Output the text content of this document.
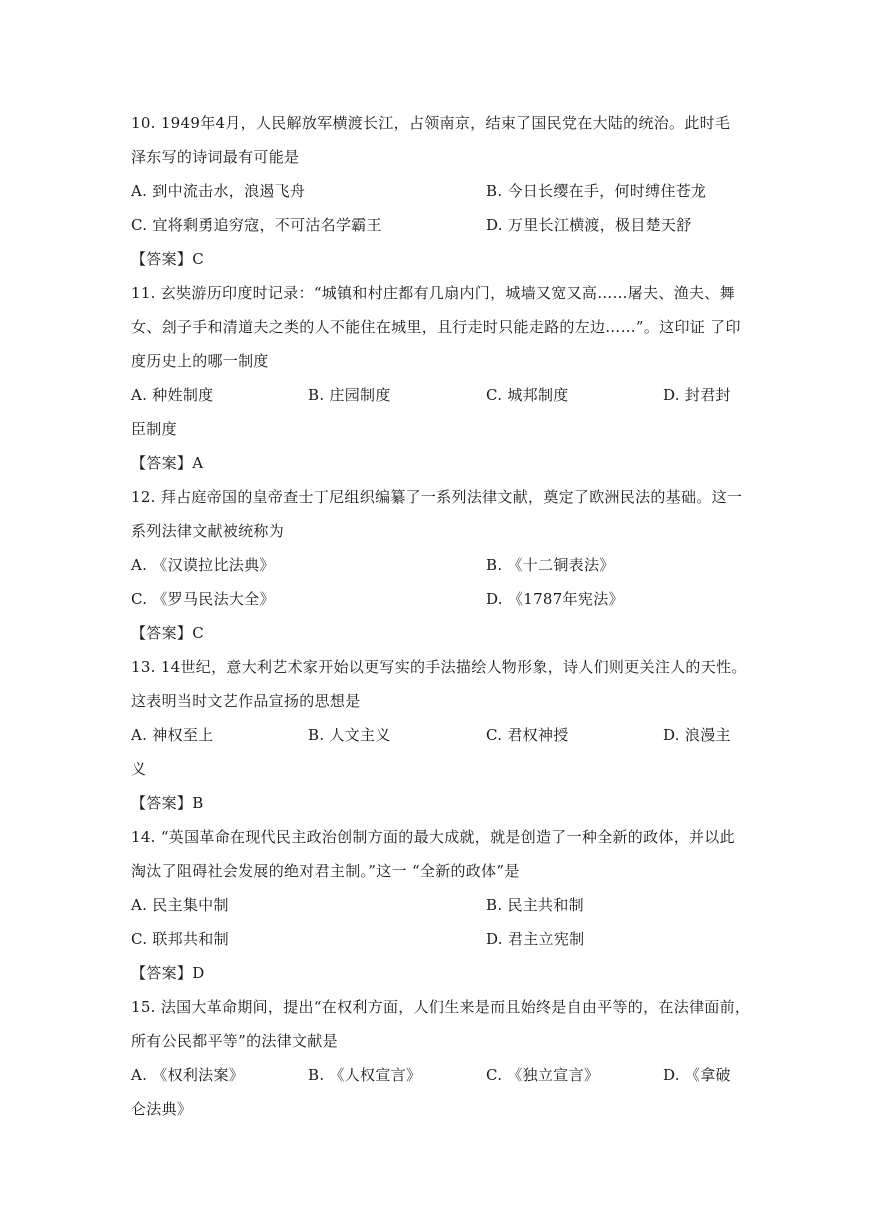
10. 1949年4月，人民解放军横渡长江，占领南京，结束了国民党在大陆的统治。此时毛
泽东写的诗词最有可能是
A. 到中流击水，浪遏飞舟	B. 今日长缨在手，何时缚住苍龙
C. 宜将剩勇追穷寇，不可沽名学霸王	D. 万里长江横渡，极目楚天舒
【答案】C
11. 玄奘游历印度时记录：“城镇和村庄都有几扇内门，城墙又宽又高……屠夫、渔夫、舞
女、刽子手和清道夫之类的人不能住在城里，且行走时只能走路的左边……”。这印证 了印
度历史上的哪一制度
A. 种姓制度	B. 庄园制度	C. 城邦制度	D. 封君封
臣制度
【答案】A
12. 拜占庭帝国的皇帝查士丁尼组织编纂了一系列法律文献，奠定了欧洲民法的基础。这一
系列法律文献被统称为
A. 《汉谟拉比法典》	B. 《十二铜表法》
C. 《罗马民法大全》	D. 《1787年宪法》
【答案】C
13. 14世纪，意大利艺术家开始以更写实的手法描绘人物形象，诗人们则更关注人的天性。
这表明当时文艺作品宣扬的思想是
A. 神权至上	B. 人文主义	C. 君权神授	D. 浪漫主
义
【答案】B
14. “英国革命在现代民主政治创制方面的最大成就，就是创造了一种全新的政体，并以此
淘汰了阻碍社会发展的绝对君主制。”这一 “全新的政体”是
A. 民主集中制	B. 民主共和制
C. 联邦共和制	D. 君主立宪制
【答案】D
15. 法国大革命期间，提出“在权利方面，人们生来是而且始终是自由平等的，在法律面前，
所有公民都平等”的法律文献是
A. 《权利法案》	B. 《人权宣言》	C. 《独立宣言》	D. 《拿破
仑法典》
